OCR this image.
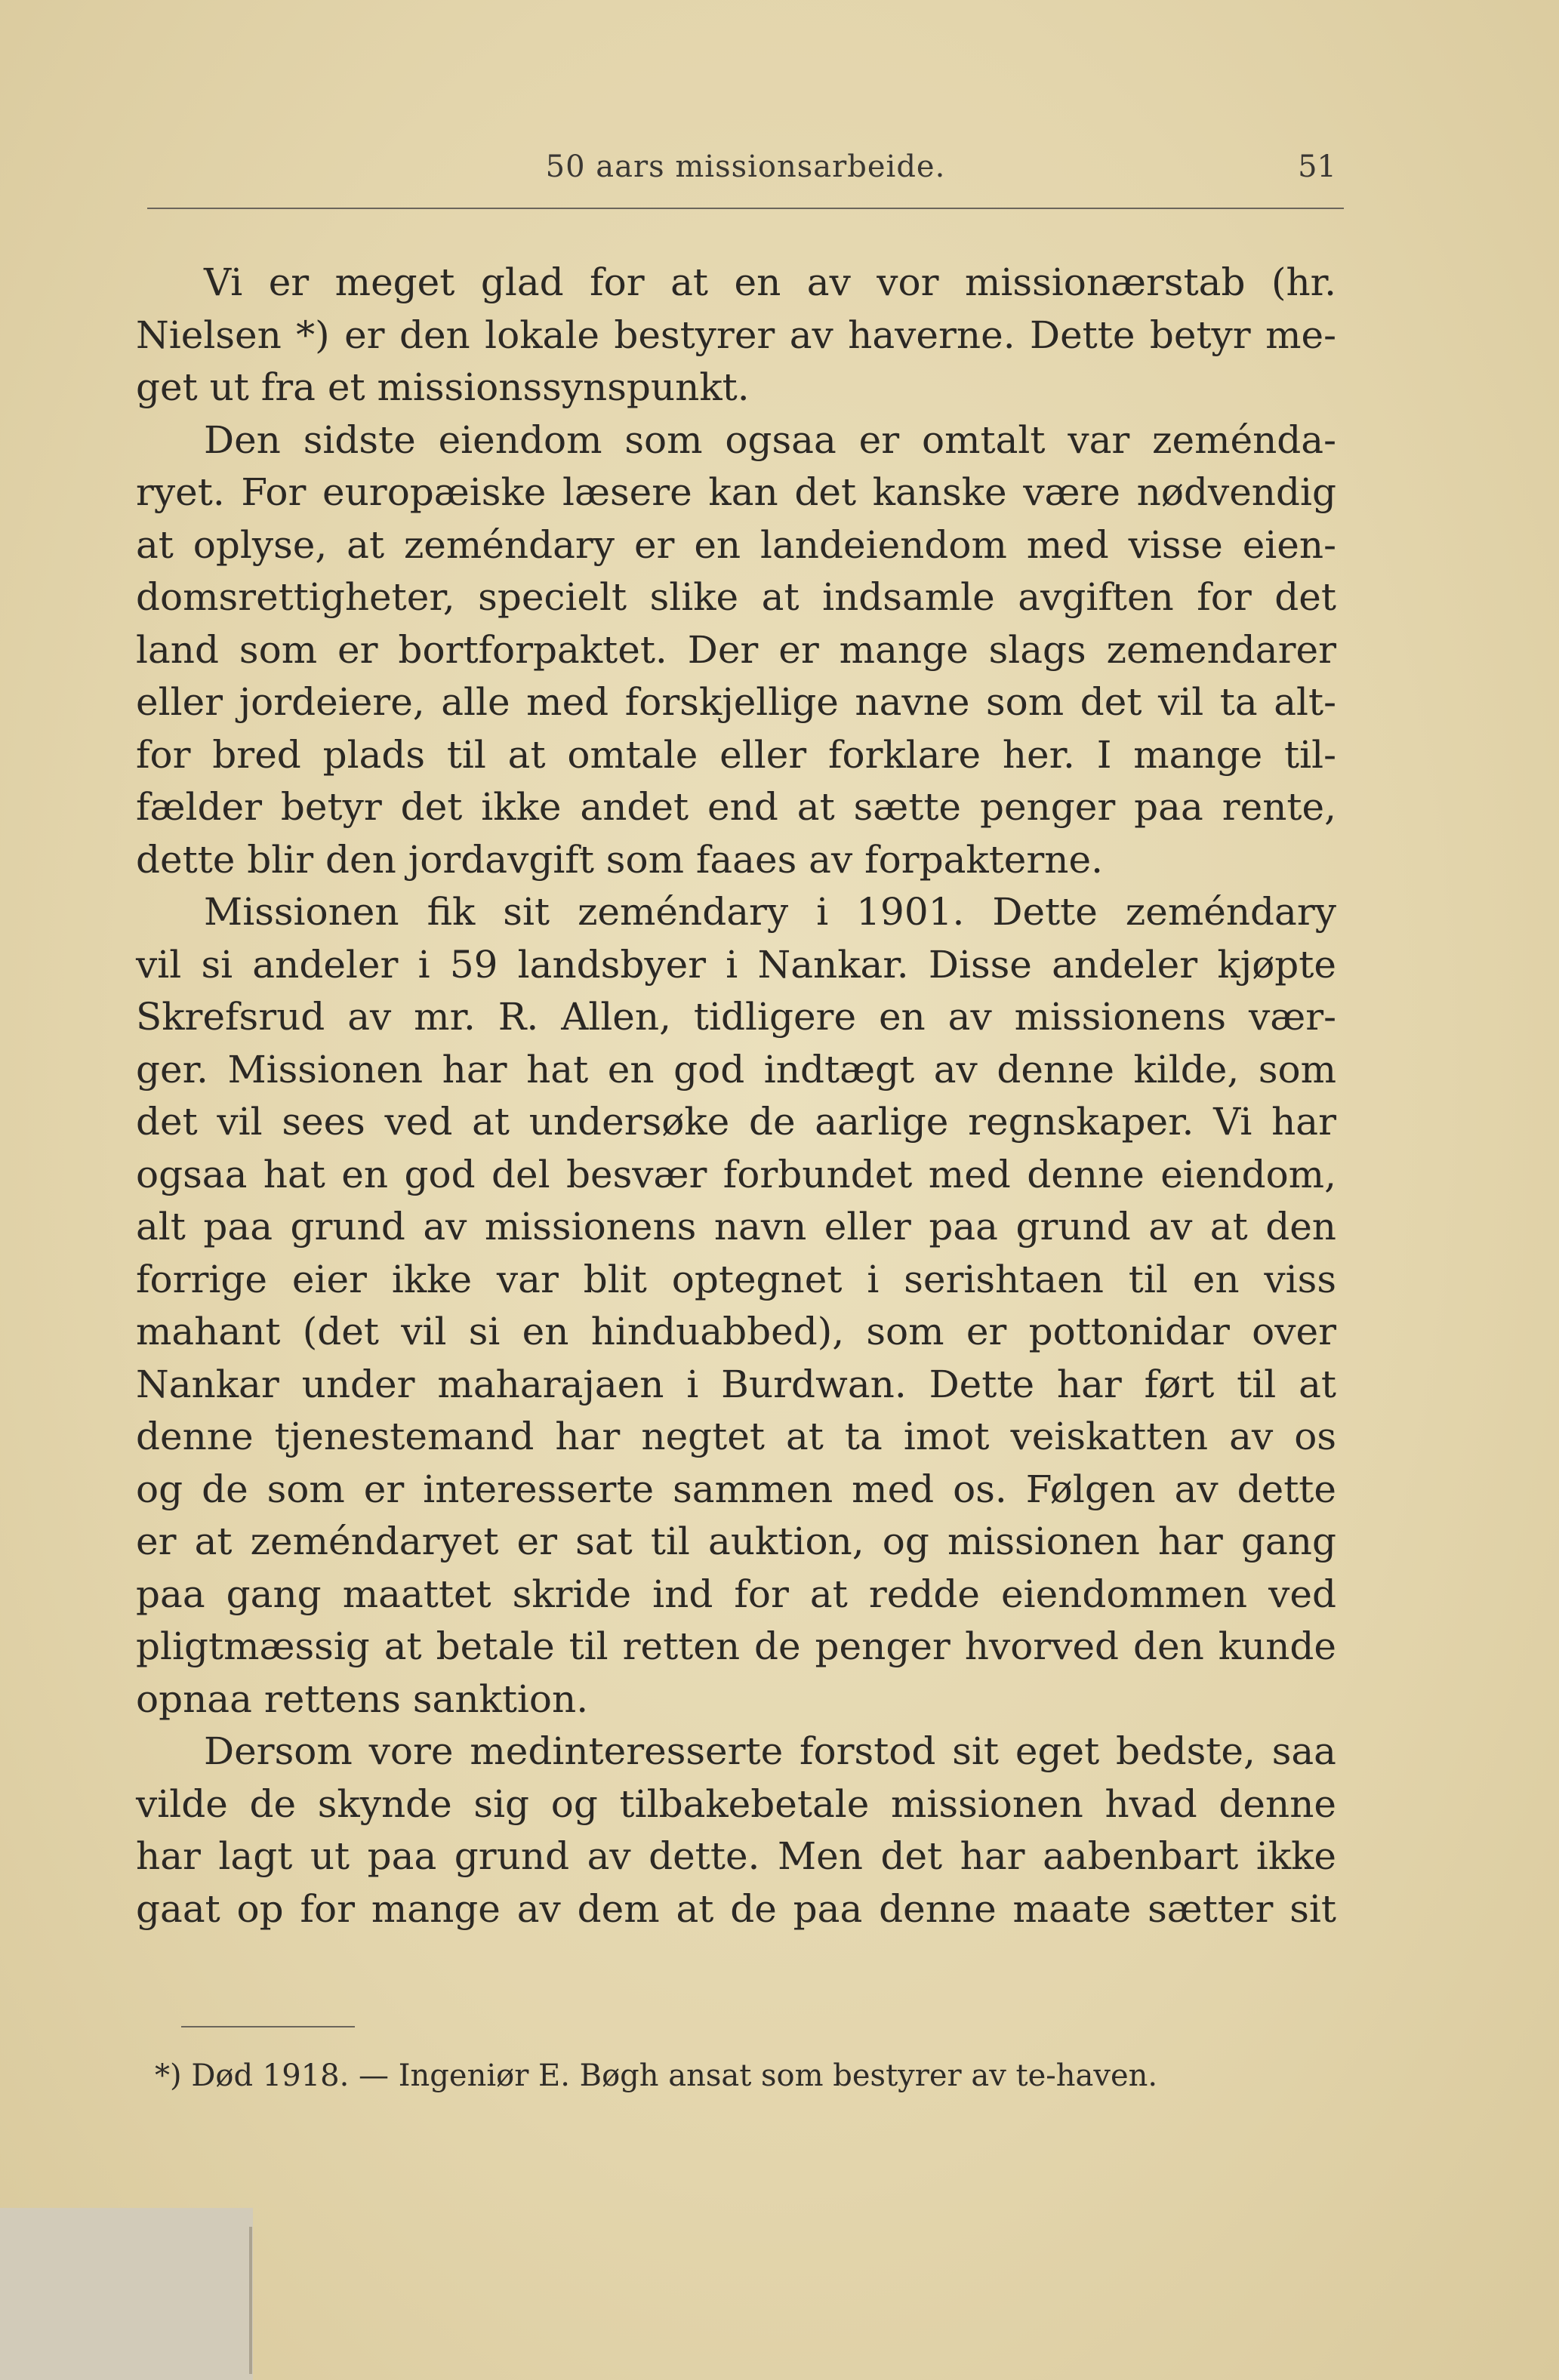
50 aars missionsarbeide.	51
Vi er meget glad for at en av vor missionærstab (hr.
Nielsen *) er den lokale bestyrer av haverne. Dette betyr me-
get ut fra et missionssynspunkt.
Den sidste eiendom som ogsaa er omtalt var zeménda-
ryet. For europæiske læsere kan det kanske være nødvendig
at oplyse, at zeméndary er en landeiendom med visse eien-
domsrettigheter, specielt slike at indsamle avgiften for det
land som er bortforpaktet. Der er mange slags zemendarer
eller jordeiere, alle med forskjellige navne som det vil ta alt-
for bred plads til at omtale eller forklare her. I mange til-
fælder betyr det ikke andet end at sætte penger paa rente,
dette blir den jordavgift som faaes av forpakterne.
Missionen fik sit zeméndary i 1901. Dette zeméndary
vil si andeler i 59 landsbyer i Nankar. Disse andeler kjøpte
Skrefsrud av mr. R. Allen, tidligere en av missionens vær-
ger. Missionen har hat en god indtægt av denne kilde, som
det vil sees ved at undersøke de aarlige regnskaper. Vi har
ogsaa hat en god del besvær forbundet med denne eiendom,
alt paa grund av missionens navn eller paa grund av at den
forrige eier ikke var blit optegnet i serishtaen til en viss
mahant (det vil si en hinduabbed), som er pottonidar over
Nankar under maharajaen i Burdwan. Dette har ført til at
denne tjenestemand har negtet at ta imot veiskatten av os
og de som er interesserte sammen med os. Følgen av dette
er at zeméndaryet er sat til auktion, og missionen har gang
paa gang maattet skride ind for at redde eiendommen ved
pligtmæssig at betale til retten de penger hvorved den kunde
opnaa rettens sanktion.
Dersom vore medinteresserte forstod sit eget bedste, saa
vilde de skynde sig og tilbakebetale missionen hvad denne
har lagt ut paa grund av dette. Men det har aabenbart ikke
gaat op for mange av dem at de paa denne maate sætter sit
*) Død 1918. — Ingeniør E. Bøgh ansat som bestyrer av te-haven.
